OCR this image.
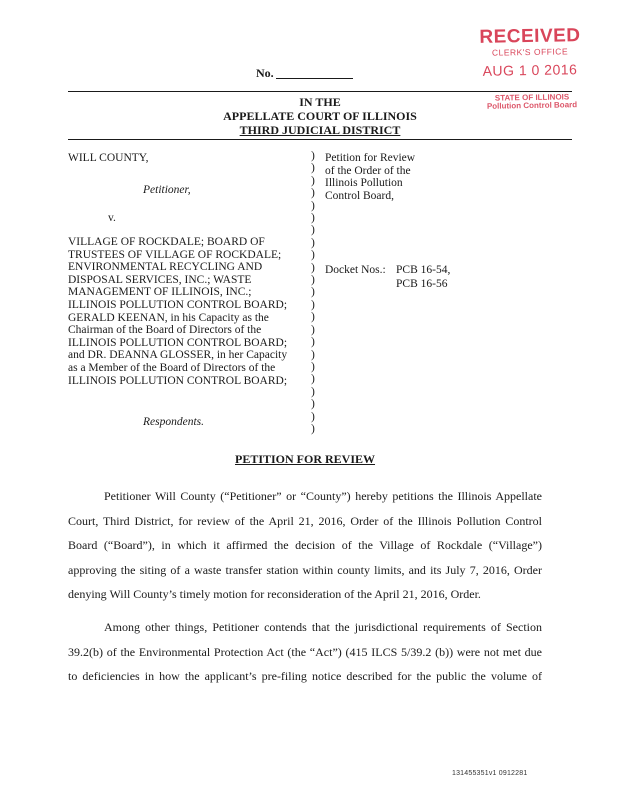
RECEIVED
CLERK'S OFFICE
AUG 1 0 2016
STATE OF ILLINOIS
Pollution Control Board
No.
IN THE
APPELLATE COURT OF ILLINOIS
THIRD JUDICIAL DISTRICT
WILL COUNTY,
Petitioner,
v.
VILLAGE OF ROCKDALE; BOARD OF
TRUSTEES OF VILLAGE OF ROCKDALE;
ENVIRONMENTAL RECYCLING AND
DISPOSAL SERVICES, INC.; WASTE
MANAGEMENT OF ILLINOIS, INC.;
ILLINOIS POLLUTION CONTROL BOARD;
GERALD KEENAN, in his Capacity as the
Chairman of the Board of Directors of the
ILLINOIS POLLUTION CONTROL BOARD;
and DR. DEANNA GLOSSER, in her Capacity
as a Member of the Board of Directors of the
ILLINOIS POLLUTION CONTROL BOARD;
Respondents.
)
)
)
)
)
)
)
)
)
)
)
)
)
)
)
)
)
)
)
)
)
)
)
Petition for Review
of the Order of the
Illinois Pollution
Control Board,
Docket Nos.: PCB 16-54,
PCB 16-56
PETITION FOR REVIEW
Petitioner Will County (“Petitioner” or “County”) hereby petitions the Illinois Appellate
Court, Third District, for review of the April 21, 2016, Order of the Illinois Pollution Control
Board (“Board”), in which it affirmed the decision of the Village of Rockdale (“Village”)
approving the siting of a waste transfer station within county limits, and its July 7, 2016, Order
denying Will County’s timely motion for reconsideration of the April 21, 2016, Order.
Among other things, Petitioner contends that the jurisdictional requirements of Section
39.2(b) of the Environmental Protection Act (the “Act”) (415 ILCS 5/39.2 (b)) were not met due
to deficiencies in how the applicant’s pre-filing notice described for the public the volume of
131455351v1 0912281
